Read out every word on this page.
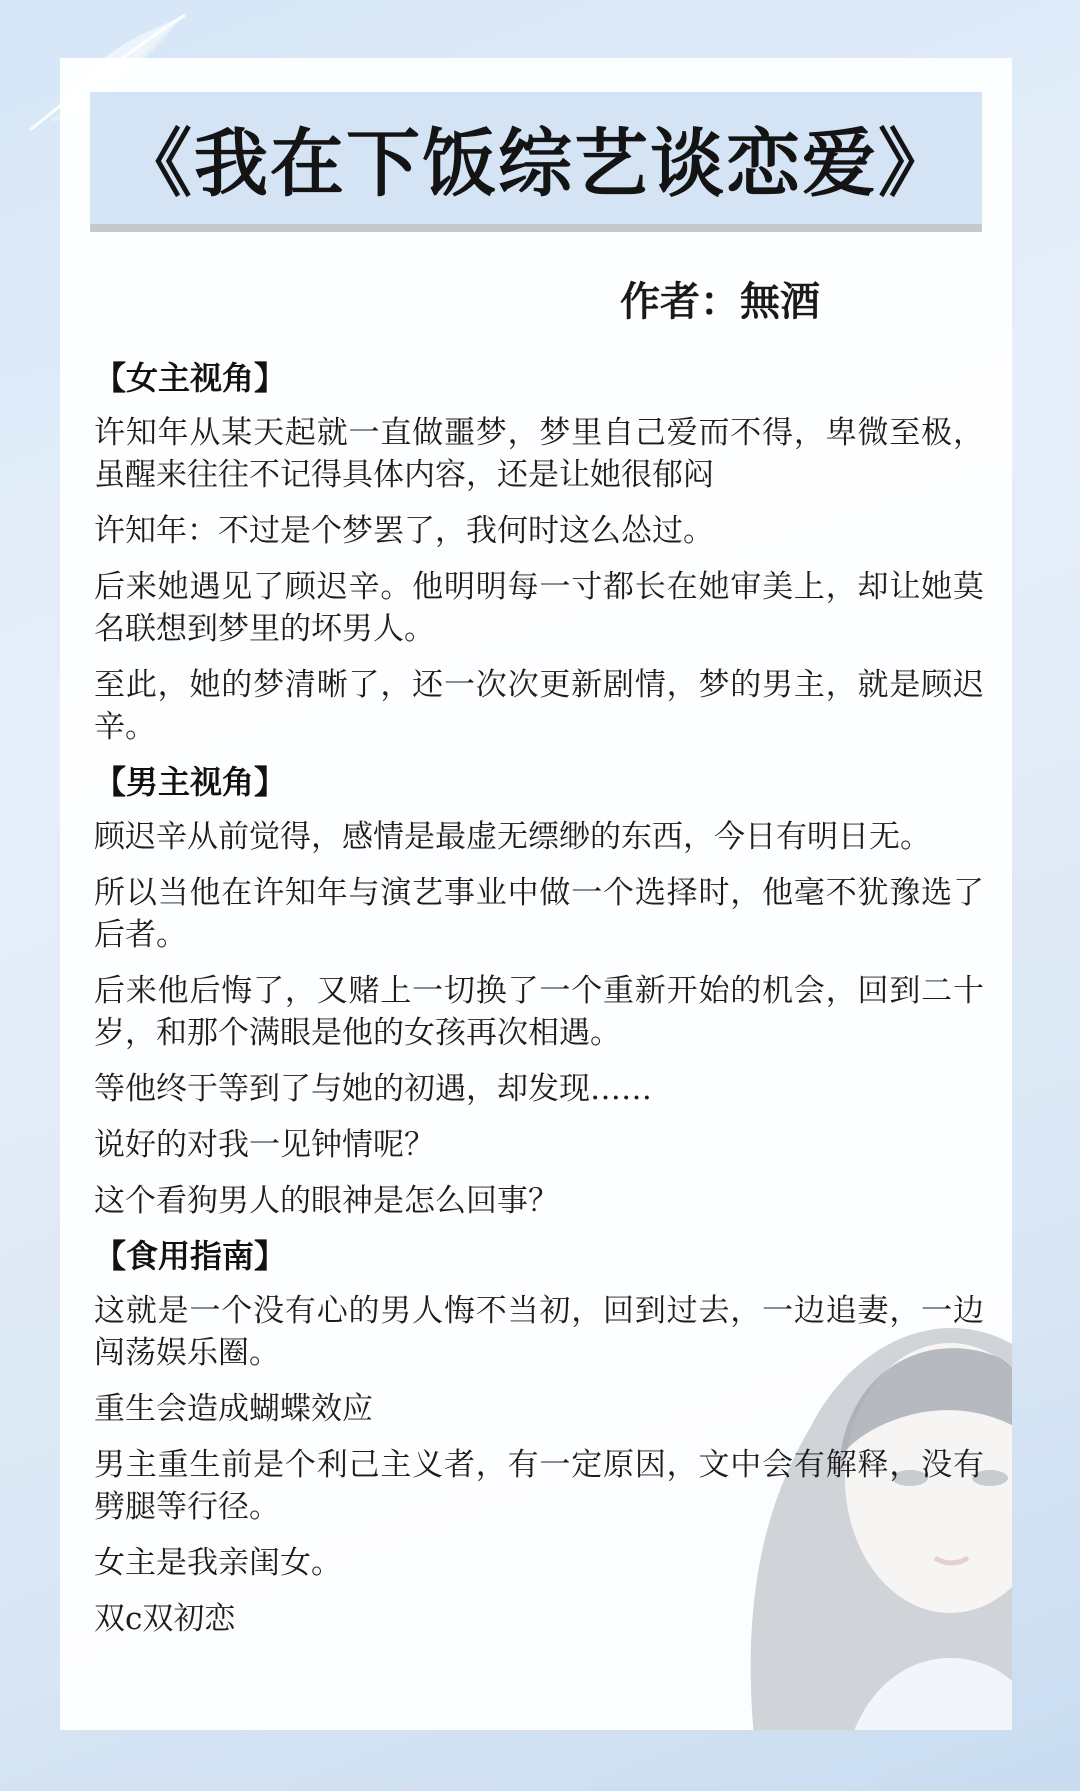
《我在下饭综艺谈恋爱》
作者：無酒
【女主视角】

许知年从某天起就一直做噩梦，梦里自己爱而不得，卑微至极，虽醒来往往不记得具体内容，还是让她很郁闷

许知年：不过是个梦罢了，我何时这么怂过。

后来她遇见了顾迟辛。他明明每一寸都长在她审美上，却让她莫名联想到梦里的坏男人。

至此，她的梦清晰了，还一次次更新剧情，梦的男主，就是顾迟辛。

【男主视角】

顾迟辛从前觉得，感情是最虚无缥缈的东西，今日有明日无。

所以当他在许知年与演艺事业中做一个选择时，他毫不犹豫选了后者。

后来他后悔了，又赌上一切换了一个重新开始的机会，回到二十岁，和那个满眼是他的女孩再次相遇。

等他终于等到了与她的初遇，却发现……

说好的对我一见钟情呢？

这个看狗男人的眼神是怎么回事？

【食用指南】

这就是一个没有心的男人悔不当初，回到过去，一边追妻，一边闯荡娱乐圈。

重生会造成蝴蝶效应

男主重生前是个利己主义者，有一定原因，文中会有解释，没有劈腿等行径。

女主是我亲闺女。

双c双初恋
